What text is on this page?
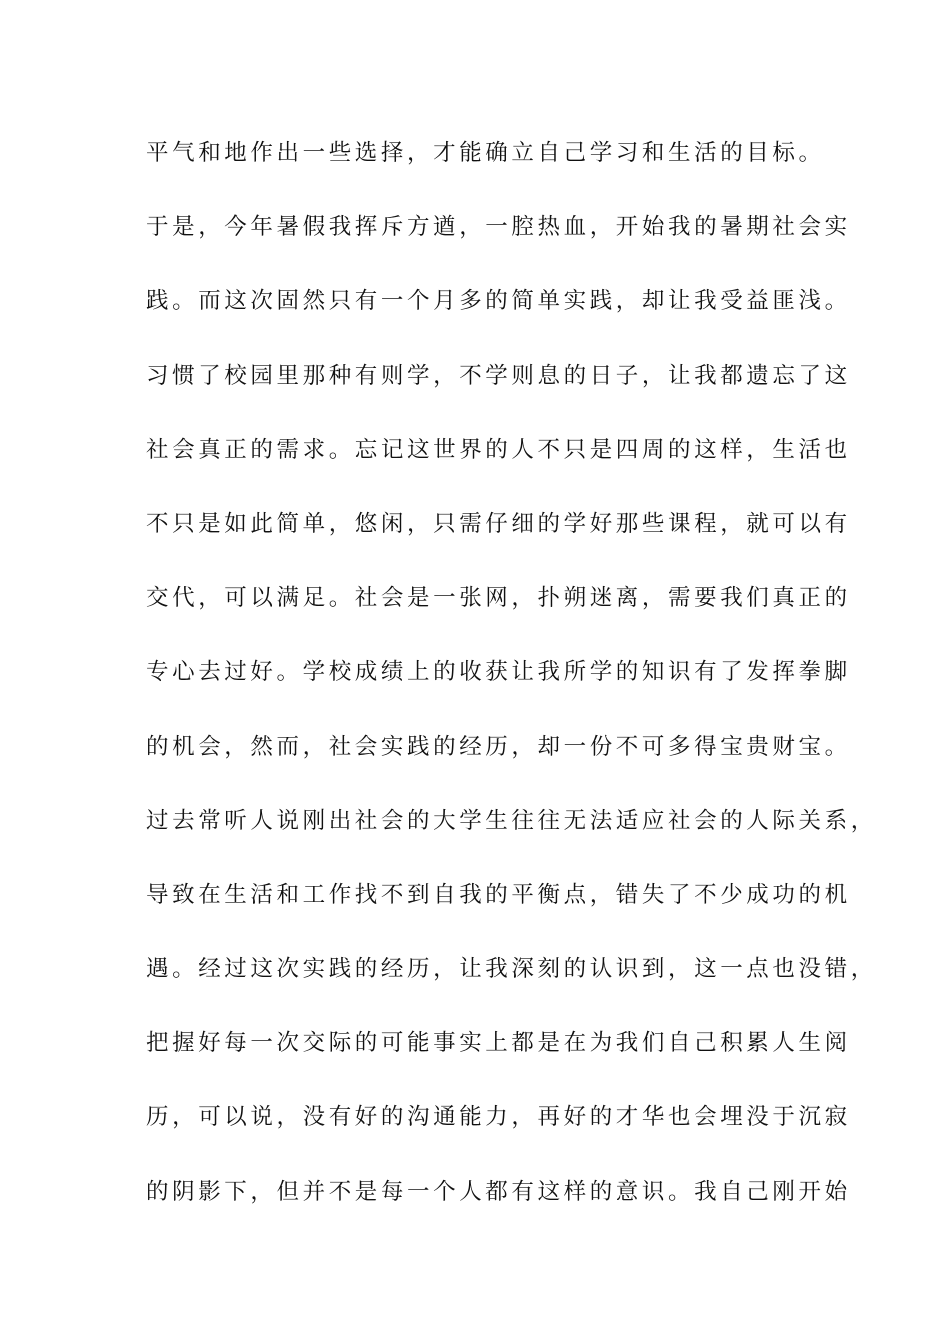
平气和地作出一些选择，才能确立自己学习和生活的目标。

于是，今年暑假我挥斥方遒，一腔热血，开始我的暑期社会实

践。而这次固然只有一个月多的简单实践，却让我受益匪浅。

习惯了校园里那种有则学，不学则息的日子，让我都遗忘了这

社会真正的需求。忘记这世界的人不只是四周的这样，生活也

不只是如此简单，悠闲，只需仔细的学好那些课程，就可以有

交代，可以满足。社会是一张网，扑朔迷离，需要我们真正的

专心去过好。学校成绩上的收获让我所学的知识有了发挥拳脚

的机会，然而，社会实践的经历，却一份不可多得宝贵财宝。

过去常听人说刚出社会的大学生往往无法适应社会的人际关系，

导致在生活和工作找不到自我的平衡点，错失了不少成功的机

遇。经过这次实践的经历，让我深刻的认识到，这一点也没错，

把握好每一次交际的可能事实上都是在为我们自己积累人生阅

历，可以说，没有好的沟通能力，再好的才华也会埋没于沉寂

的阴影下，但并不是每一个人都有这样的意识。我自己刚开始
